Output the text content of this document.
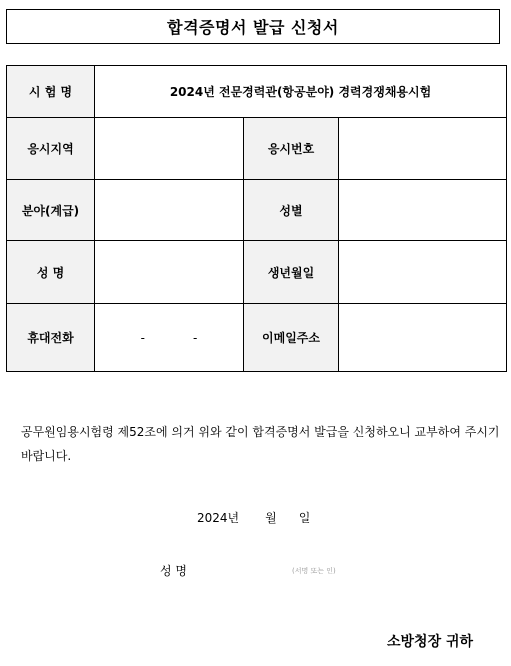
합격증명서 발급 신청서
시 험 명	2024년 전문경력관(항공분야) 경력경쟁채용시험		
응시지역		응시번호	
분야(계급)		성별	
성 명		생년월일	
휴대전화	- -	이메일주소	
공무원임용시험령 제52조에 의거 위와 같이 합격증명서 발급을 신청하오니 교부하여 주시기 바랍니다.
2024년 월 일
성 명	(서명 또는 인)
소방청장 귀하
